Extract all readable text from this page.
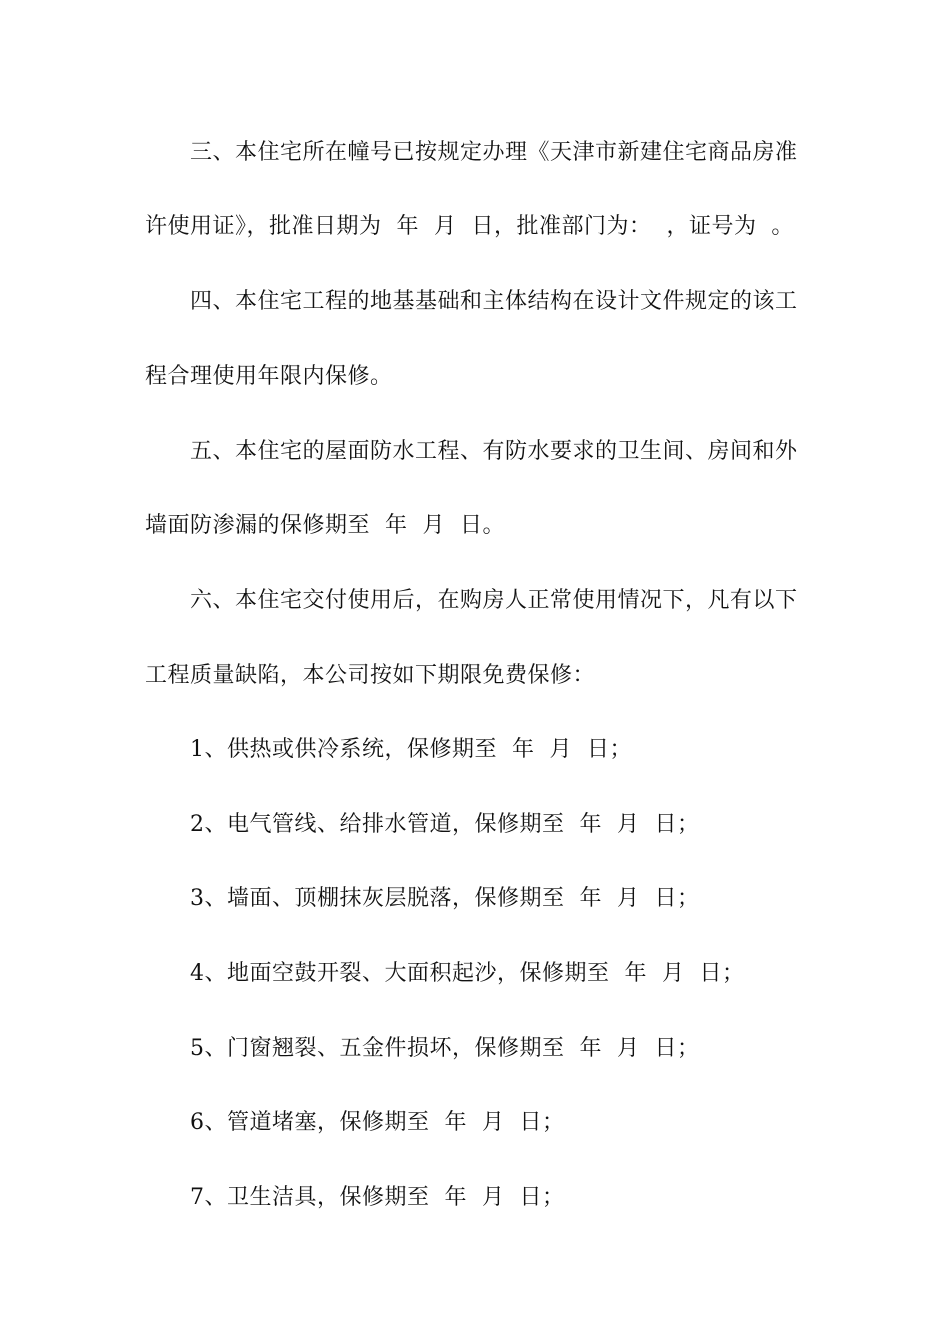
三、本住宅所在幢号已按规定办理《天津市新建住宅商品房准
许使用证》，批准日期为  年  月  日，批准部门为：  ，证号为  。
四、本住宅工程的地基基础和主体结构在设计文件规定的该工
程合理使用年限内保修。
五、本住宅的屋面防水工程、有防水要求的卫生间、房间和外
墙面防渗漏的保修期至  年  月  日。
六、本住宅交付使用后，在购房人正常使用情况下，凡有以下
工程质量缺陷，本公司按如下期限免费保修：
1、供热或供冷系统，保修期至  年  月  日；
2、电气管线、给排水管道，保修期至  年  月  日；
3、墙面、顶棚抹灰层脱落，保修期至  年  月  日；
4、地面空鼓开裂、大面积起沙，保修期至  年  月  日；
5、门窗翘裂、五金件损坏，保修期至  年  月  日；
6、管道堵塞，保修期至  年  月  日；
7、卫生洁具，保修期至  年  月  日；
